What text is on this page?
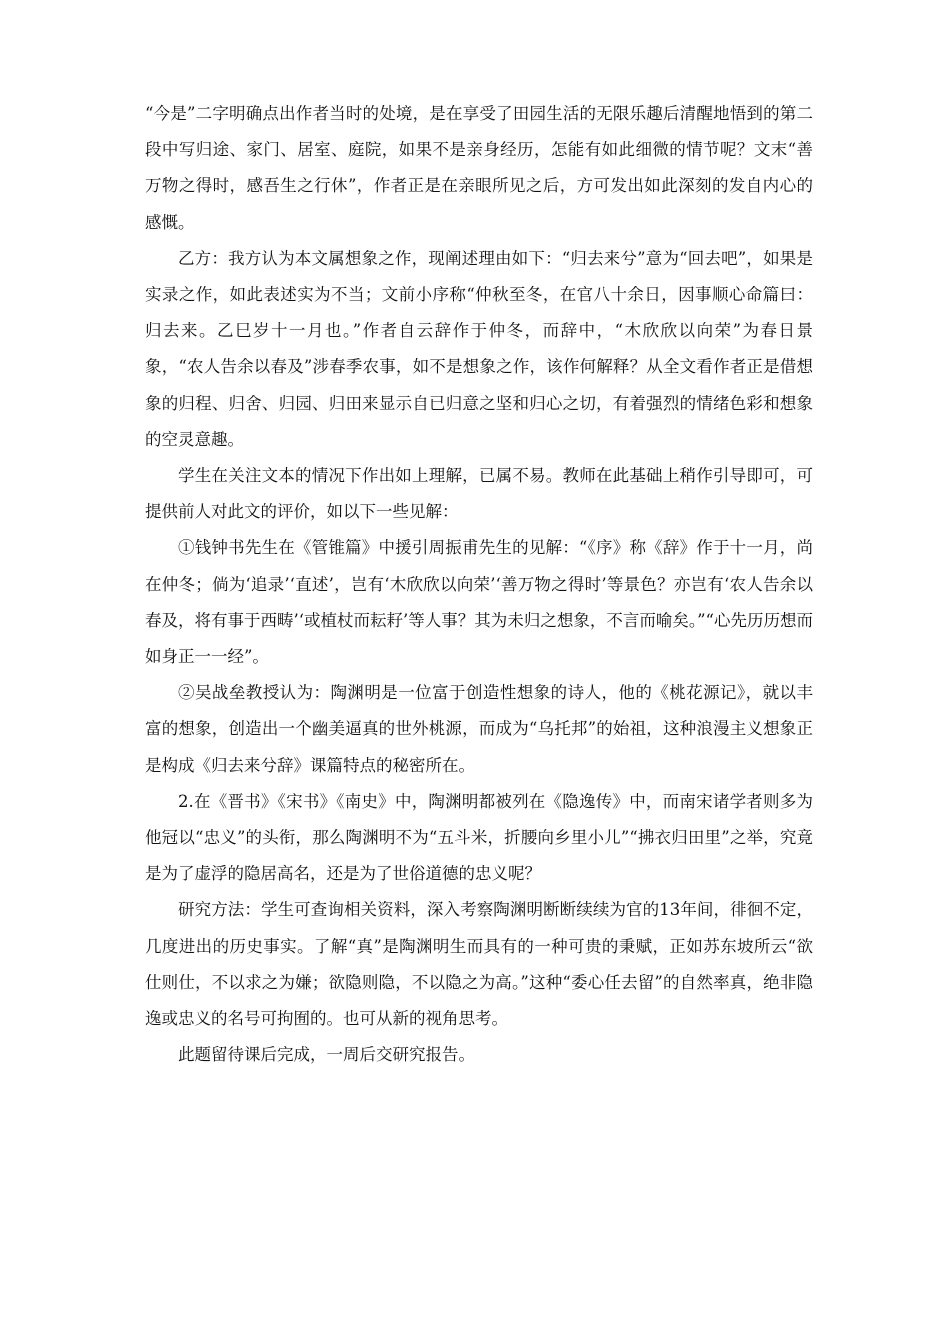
“今是”二字明确点出作者当时的处境，是在享受了田园生活的无限乐趣后清醒地悟到的第二段中写归途、家门、居室、庭院，如果不是亲身经历，怎能有如此细微的情节呢？文末“善万物之得时，感吾生之行休”，作者正是在亲眼所见之后，方可发出如此深刻的发自内心的感慨。

乙方：我方认为本文属想象之作，现阐述理由如下：“归去来兮”意为“回去吧”，如果是实录之作，如此表述实为不当；文前小序称“仲秋至冬，在官八十余日，因事顺心命篇曰：归去来。乙巳岁十一月也。”作者自云辞作于仲冬，而辞中，“木欣欣以向荣”为春日景象，“农人告余以春及”涉春季农事，如不是想象之作，该作何解释？从全文看作者正是借想象的归程、归舍、归园、归田来显示自已归意之坚和归心之切，有着强烈的情绪色彩和想象的空灵意趣。

学生在关注文本的情况下作出如上理解，已属不易。教师在此基础上稍作引导即可，可提供前人对此文的评价，如以下一些见解：

①钱钟书先生在《管锥篇》中援引周振甫先生的见解：“《序》称《辞》作于十一月，尚在仲冬；倘为‘追录’‘直述’，岂有‘木欣欣以向荣’‘善万物之得时’等景色？亦岂有‘农人告余以春及，将有事于西畴’‘或植杖而耘耔’等人事？其为未归之想象，不言而喻矣。”“心先历历想而如身正一一经”。

②吴战垒教授认为：陶渊明是一位富于创造性想象的诗人，他的《桃花源记》，就以丰富的想象，创造出一个幽美逼真的世外桃源，而成为“乌托邦”的始祖，这种浪漫主义想象正是构成《归去来兮辞》课篇特点的秘密所在。

2.在《晋书》《宋书》《南史》中，陶渊明都被列在《隐逸传》中，而南宋诸学者则多为他冠以“忠义”的头衔，那么陶渊明不为“五斗米，折腰向乡里小儿”“拂衣归田里”之举，究竟是为了虚浮的隐居高名，还是为了世俗道德的忠义呢？

研究方法：学生可查询相关资料，深入考察陶渊明断断续续为官的13年间，徘徊不定，几度进出的历史事实。了解“真”是陶渊明生而具有的一种可贵的秉赋，正如苏东坡所云“欲仕则仕，不以求之为嫌；欲隐则隐，不以隐之为高。”这种“委心任去留”的自然率真，绝非隐逸或忠义的名号可拘囿的。也可从新的视角思考。

此题留待课后完成，一周后交研究报告。
